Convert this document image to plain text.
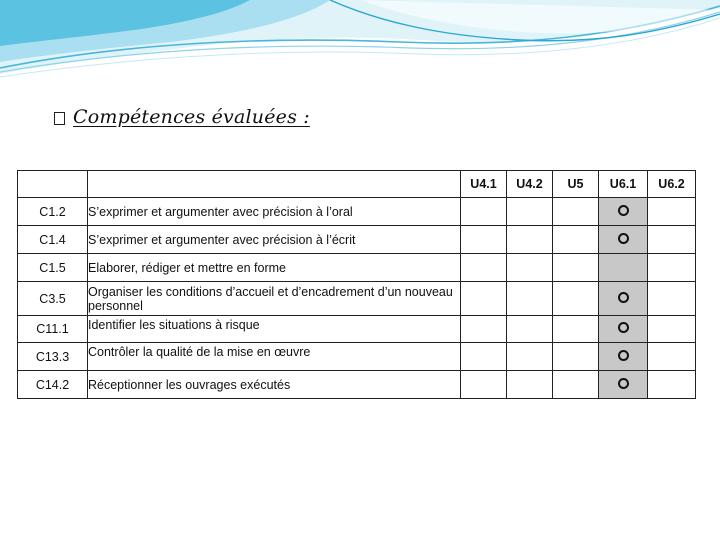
Compétences évaluées :
		U4.1	U4.2	U5	U6.1	U6.2
C1.2	S’exprimer et argumenter avec précision à l’oral					
C1.4	S’exprimer et argumenter avec précision à l’écrit					
C1.5	Elaborer, rédiger et mettre en forme					
C3.5	Organiser les conditions d’accueil et d’encadrement d’un nouveau personnel					
C11.1	Identifier les situations à risque					
C13.3	Contrôler la qualité de la mise en œuvre					
C14.2	Réceptionner les ouvrages exécutés					
